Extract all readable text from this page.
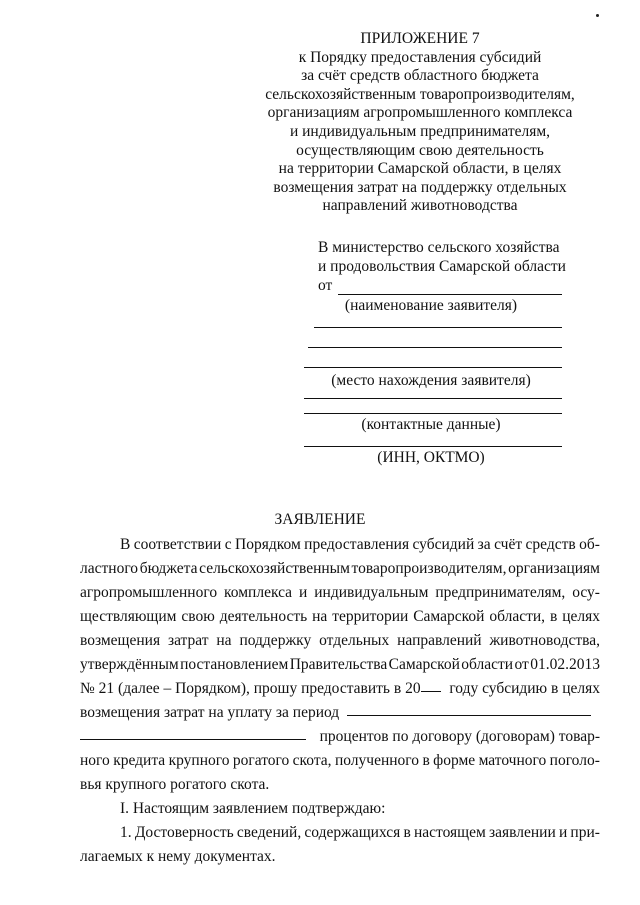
ПРИЛОЖЕНИЕ 7
к Порядку предоставления субсидий
за счёт средств областного бюджета
сельскохозяйственным товаропроизводителям,
организациям агропромышленного комплекса
и индивидуальным предпринимателям,
осуществляющим свою деятельность
на территории Самарской области, в целях
возмещения затрат на поддержку отдельных
направлений животноводства
В министерство сельского хозяйства
и продовольствия Самарской области
от
(наименование заявителя)
(место нахождения заявителя)
(контактные данные)
(ИНН, ОКТМО)
ЗАЯВЛЕНИЕ
В соответствии с Порядком предоставления субсидий за счёт средств об-
ластного бюджета сельскохозяйственным товаропроизводителям, организациям
агропромышленного комплекса и индивидуальным предпринимателям, осу-
ществляющим свою деятельность на территории Самарской области, в целях
возмещения затрат на поддержку отдельных направлений животноводства,
утверждённым постановлением Правительства Самарской области от 01.02.2013
№ 21 (далее – Порядком), прошу предоставить в 20 году субсидию в целях
возмещения затрат на уплату за период
процентов по договору (договорам) товар-
ного кредита крупного рогатого скота, полученного в форме маточного поголо-
вья крупного рогатого скота.
I. Настоящим заявлением подтверждаю:
1. Достоверность сведений, содержащихся в настоящем заявлении и при-
лагаемых к нему документах.
